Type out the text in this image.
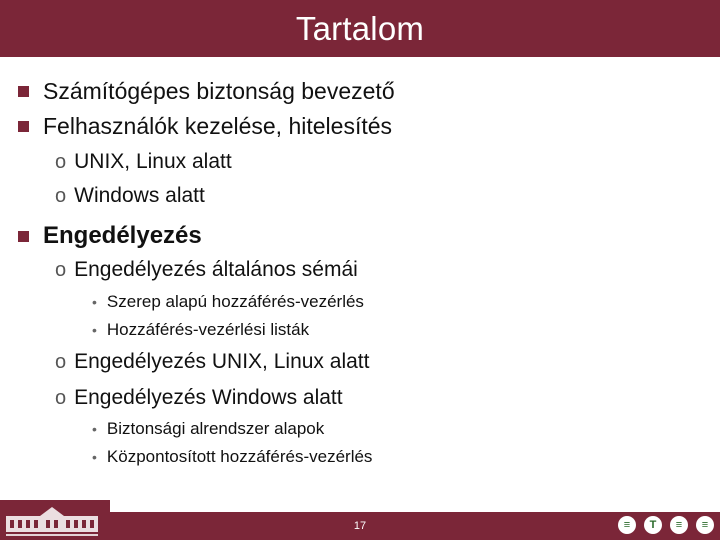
Tartalom
Számítógépes biztonság bevezető
Felhasználók kezelése, hitelesítés
o UNIX, Linux alatt
o Windows alatt
Engedélyezés
o Engedélyezés általános sémái
• Szerep alapú hozzáférés-vezérlés
• Hozzáférés-vezérlési listák
o Engedélyezés UNIX, Linux alatt
o Engedélyezés Windows alatt
• Biztonsági alrendszer alapok
• Központosított hozzáférés-vezérlés
17	≡	T	≡	≡
